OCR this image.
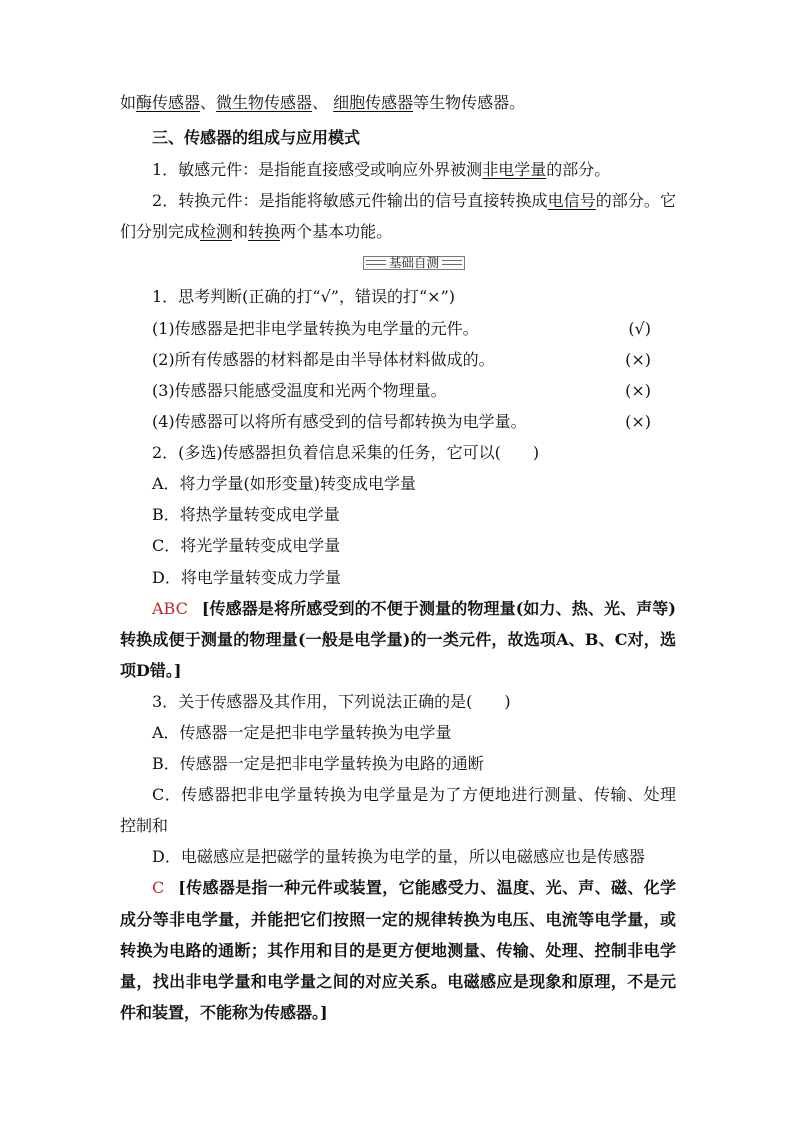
如酶传感器、微生物传感器、 细胞传感器等生物传感器。
三、传感器的组成与应用模式
1．敏感元件：是指能直接感受或响应外界被测非电学量的部分。
2．转换元件：是指能将敏感元件输出的信号直接转换成电信号的部分。它
们分别完成检测和转换两个基本功能。
基础自测
1．思考判断(正确的打“√”，错误的打“×”)
(1)传感器是把非电学量转换为电学量的元件。	(√)
(2)所有传感器的材料都是由半导体材料做成的。	(×)
(3)传感器只能感受温度和光两个物理量。	(×)
(4)传感器可以将所有感受到的信号都转换为电学量。	(×)
2．(多选)传感器担负着信息采集的任务，它可以(　　)
A．将力学量(如形变量)转变成电学量
B．将热学量转变成电学量
C．将光学量转变成电学量
D．将电学量转变成力学量
ABC [传感器是将所感受到的不便于测量的物理量(如力、热、光、声等)
转换成便于测量的物理量(一般是电学量)的一类元件，故选项A、B、C对，选
项D错。]
3．关于传感器及其作用，下列说法正确的是(　　)
A．传感器一定是把非电学量转换为电学量
B．传感器一定是把非电学量转换为电路的通断
C．传感器把非电学量转换为电学量是为了方便地进行测量、传输、处理和
控制
D．电磁感应是把磁学的量转换为电学的量，所以电磁感应也是传感器
C [传感器是指一种元件或装置，它能感受力、温度、光、声、磁、化学
成分等非电学量，并能把它们按照一定的规律转换为电压、电流等电学量，或
转换为电路的通断；其作用和目的是更方便地测量、传输、处理、控制非电学
量，找出非电学量和电学量之间的对应关系。电磁感应是现象和原理，不是元
件和装置，不能称为传感器。]
